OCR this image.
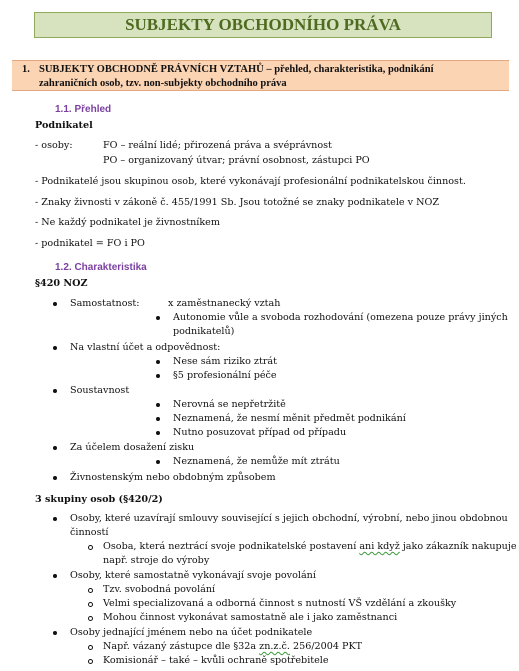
SUBJEKTY OBCHODNÍHO PRÁVA
1. SUBJEKTY OBCHODNĚ PRÁVNÍCH VZTAHŮ – přehled, charakteristika, podnikání
zahraničních osob, tzv. non-subjekty obchodního práva
1.1. Přehled
Podnikatel
- osoby:	FO – reální lidé; přirozená práva a svéprávnost
PO – organizovaný útvar; právní osobnost, zástupci PO
- Podnikatelé jsou skupinou osob, které vykonávají profesionální podnikatelskou činnost.
- Znaky živnosti v zákoně č. 455/1991 Sb. Jsou totožné se znaky podnikatele v NOZ
- Ne každý podnikatel je živnostníkem
- podnikatel = FO i PO
1.2. Charakteristika
§420 NOZ
Samostatnost:	x zaměstnanecký vztah
Autonomie vůle a svoboda rozhodování (omezena pouze právy jiných
podnikatelů)
Na vlastní účet a odpovědnost:
Nese sám riziko ztrát
§5 profesionální péče
Soustavnost
Nerovná se nepřetržitě
Neznamená, že nesmí měnit předmět podnikání
Nutno posuzovat případ od případu
Za účelem dosažení zisku
Neznamená, že nemůže mít ztrátu
Živnostenským nebo obdobným způsobem
3 skupiny osob (§420/2)
Osoby, které uzavírají smlouvy související s jejich obchodní, výrobní, nebo jinou obdobnou
činností
Osoba, která neztrácí svoje podnikatelské postavení ani když jako zákazník nakupuje
např. stroje do výroby
Osoby, které samostatně vykonávají svoje povolání
Tzv. svobodná povolání
Velmi specializovaná a odborná činnost s nutností VŠ vzdělání a zkoušky
Mohou činnost vykonávat samostatně ale i jako zaměstnanci
Osoby jednající jménem nebo na účet podnikatele
Např. vázaný zástupce dle §32a zn.z.č. 256/2004 PKT
Komisionář – také – kvůli ochraně spotřebitele
